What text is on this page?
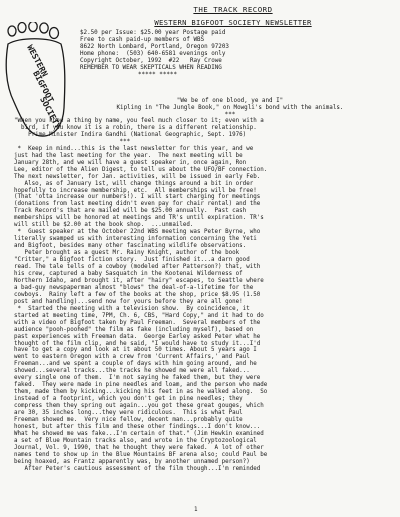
WESTERN
BIGFOOT
SOCIETY
THE TRACK RECORD
WESTERN BIGFOOT SOCIETY NEWSLETTER
$2.50 per Issue: $25.00 year Postage paid
Free to cash paid-up members of WBS
8622 North Lombard, Portland, Oregon 97203
Home phone:  (503) 640-6581 evenings only
Copyright October, 1992  #22   Ray Crowe
REMEMBER TO WEAR SKEPTICALS WHEN READING
***** *****
"We be of one blood, ye and I"
Kipling in "The Jungle Book," on Mowgli's bond with the animals.
***
"When you know a thing by name, you feel much closer to it; even with a
bird, if you know it is a robin, there is a different relationship.
Prime Minister Indira Gandhi (National Geographic, Sept. 1976)
***
*  Keep in mind...this is the last newsletter for this year, and we
just had the last meeting for the year.  The next meeting will be
January 28th, and we will have a guest speaker in, once again, Ron
Lee, editor of the Alien Digest, to tell us about the UFO/BF connection.
The next newsletter, for Jan. activities, will be issued in early Feb.
Also, as of January 1st, will change things around a bit in order
hopefully to increase membership, etc.  All memberships will be free!
(That 'otta increase our numbers!). I will start charging for meetings
(donations from last meeting didn't even pay for chair rental) and the
Track Record's that are mailed will be $25.00 annually.  Past cash
memberships will be honored at meetings and TR's until expiration. TR's
will still be $2.00 at the book shop.  ...unmailed.
*  Guest speaker at the October 22nd WBS meeting was Peter Byrne, who
literally swamped us with interesting information concerning the Yeti
and Bigfoot, besides many other fascinating wildlife observations.
Peter brought as a guest Mr. Rainy Knight, author of the book
"Critter," a Bigfoot fiction story.  Just finished it...a darn good
read. The tale tells of a cowboy (modeled after Patterson?) that, with
his crew, captured a baby Sasquatch in the Kootenai Wilderness of
Northern Idaho, and brought it, after "hairy" escapes, to Seattle where
a bad-guy newspaperman almost "blows" the deal-of-a-lifetime for the
cowboys.  Rainy left a few of the books at the shop, price $8.95 (1.50
post and handling)...send now for yours before they are all gone!
*  Started the meeting with a television show.  By coincidence, it
started at meeting time, 7PM, Ch. 6, CBS, "Hard Copy," and it had to do
with a video of Bigfoot taken by Paul Freeman.  Several members of the
audience "pooh-poohed" the film as fake (including myself), based on
past experiences with Freeman data.  George Earley asked Peter what he
thought of the film clip, and he said, "I would have to study it...I'd
have to get a copy and look at it about 50 times. About 5 years ago I
went to eastern Oregon with a crew from 'Current Affairs,' and Paul
Freeman...and we spent a couple of days with him going around, and he
showed...several tracks...the tracks he showed me were all faked...
every single one of them.  I'm not saying he faked them, but they were
faked.  They were made in pine needles and loam, and the person who made
them, made them by kicking...kicking his feet in as he walked along.  So
instead of a footprint, which you don't get in pine needles; they
compress them they spring out again...you got these great gouges, which
are 30, 35 inches long...they were ridiculous.  This is what Paul
Freeman showed me.  Very nice fellow, decent man...probably quite
honest, but after this film and these other findings...I don't know...
What he showed me was fake...I'm certain of that." (Jim Hewkin examined
a set of Blue Mountain tracks also, and wrote in the Cryptozoological
Journal, Vol. 9, 1990, that he thought they were faked.  A lot of other
names tend to show up in the Blue Mountains BF arena also; could Paul be
being hoaxed, as Frantz apparently was, by another unnamed person?)
After Peter's cautious assessment of the film though...I'm reminded
1
